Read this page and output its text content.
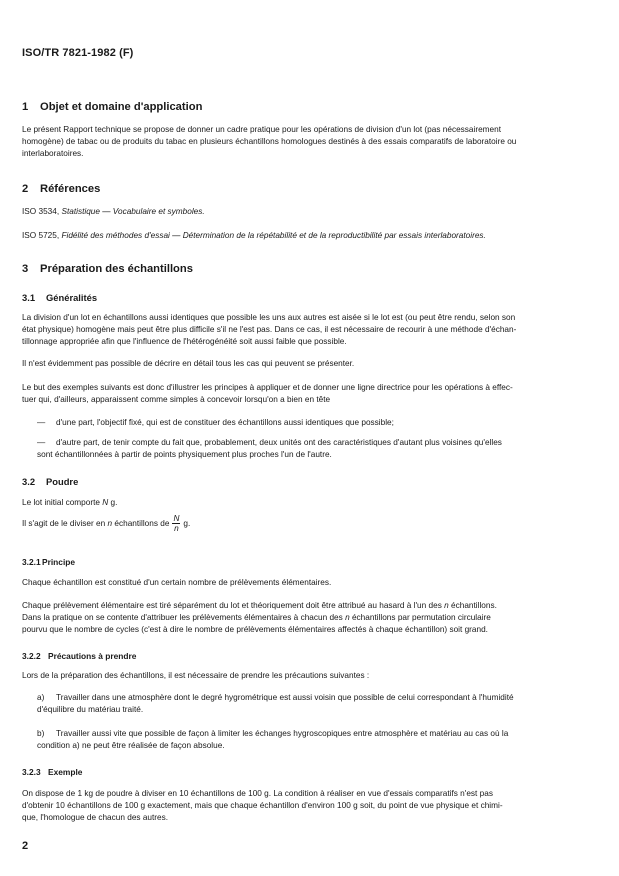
ISO/TR 7821-1982 (F)
1 Objet et domaine d'application
Le présent Rapport technique se propose de donner un cadre pratique pour les opérations de division d'un lot (pas nécessairement
homogène) de tabac ou de produits du tabac en plusieurs échantillons homologues destinés à des essais comparatifs de laboratoire ou
interlaboratoires.
2 Références
ISO 3534, Statistique — Vocabulaire et symboles.
ISO 5725, Fidélité des méthodes d'essai — Détermination de la répétabilité et de la reproductibilité par essais interlaboratoires.
3 Préparation des échantillons
3.1 Généralités
La division d'un lot en échantillons aussi identiques que possible les uns aux autres est aisée si le lot est (ou peut être rendu, selon son
état physique) homogène mais peut être plus difficile s'il ne l'est pas. Dans ce cas, il est nécessaire de recourir à une méthode d'échan-
tillonnage appropriée afin que l'influence de l'hétérogénéité soit aussi faible que possible.
Il n'est évidemment pas possible de décrire en détail tous les cas qui peuvent se présenter.
Le but des exemples suivants est donc d'illustrer les principes à appliquer et de donner une ligne directrice pour les opérations à effec-
tuer qui, d'ailleurs, apparaissent comme simples à concevoir lorsqu'on a bien en tête
— d'une part, l'objectif fixé, qui est de constituer des échantillons aussi identiques que possible;
— d'autre part, de tenir compte du fait que, probablement, deux unités ont des caractéristiques d'autant plus voisines qu'elles
sont échantillonnées à partir de points physiquement plus proches l'un de l'autre.
3.2 Poudre
Le lot initial comporte N g.
Il s'agit de le diviser en n échantillons de $\frac{N}{n} g$.
3.2.1Principe
Chaque échantillon est constitué d'un certain nombre de prélèvements élémentaires.
Chaque prélèvement élémentaire est tiré séparément du lot et théoriquement doit être attribué au hasard à l'un des n échantillons.
Dans la pratique on se contente d'attribuer les prélèvements élémentaires à chacun des n échantillons par permutation circulaire
pourvu que le nombre de cycles (c'est à dire le nombre de prélèvements élémentaires affectés à chaque échantillon) soit grand.
3.2.2 Précautions à prendre
Lors de la préparation des échantillons, il est nécessaire de prendre les précautions suivantes :
a) Travailler dans une atmosphère dont le degré hygrométrique est aussi voisin que possible de celui correspondant à l'humidité
d'équilibre du matériau traité.
b) Travailler aussi vite que possible de façon à limiter les échanges hygroscopiques entre atmosphère et matériau au cas où la
condition a) ne peut être réalisée de façon absolue.
3.2.3 Exemple
On dispose de 1 kg de poudre à diviser en 10 échantillons de 100 g. La condition à réaliser en vue d'essais comparatifs n'est pas
d'obtenir 10 échantillons de 100 g exactement, mais que chaque échantillon d'environ 100 g soit, du point de vue physique et chimi-
que, l'homologue de chacun des autres.
2
